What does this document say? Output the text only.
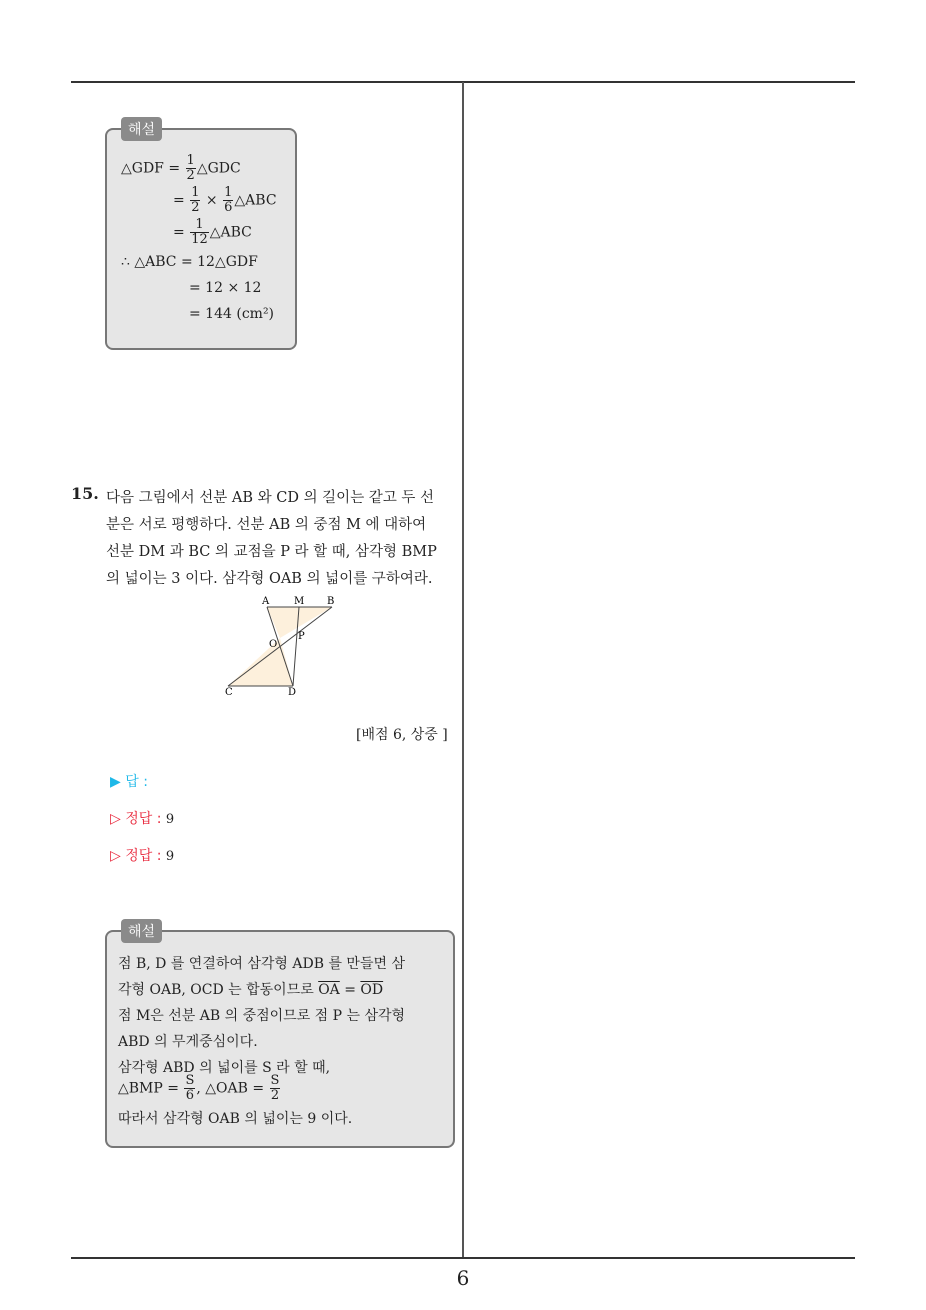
해설
△GDF = $\frac{1}{2}$ △GDC
= $\frac{1}{2} \times \frac{1}{6}$ △ABC
= $\frac{1}{12}$ △ABC
∴ △ABC = 12△GDF
= 12 × 12
= 144 (cm²)
15. 다음 그림에서 선분 AB 와 CD 의 길이는 같고 두 선
분은 서로 평행하다. 선분 AB 의 중점 M 에 대하여
선분 DM 과 BC 의 교점을 P 라 할 때, 삼각형 BMP
의 넓이는 3 이다. 삼각형 OAB 의 넓이를 구하여라.
A M B
O
P
C	D
[배점 6, 상중 ]
▶ 답 :
▷ 정답 : 9
▷ 정답 : 9
해설
점 B, D 를 연결하여 삼각형 ADB 를 만들면 삼
각형 OAB, OCD 는 합동이므로 $\overline{OA} = \overline{OD}$
점 M은 선분 AB 의 중점이므로 점 P 는 삼각형
ABD 의 무게중심이다.
삼각형 ABD 의 넓이를 S 라 할 때,
△BMP = $\frac{S}{6}$ , △OAB = $\frac{S}{2}$
따라서 삼각형 OAB 의 넓이는 9 이다.
6
